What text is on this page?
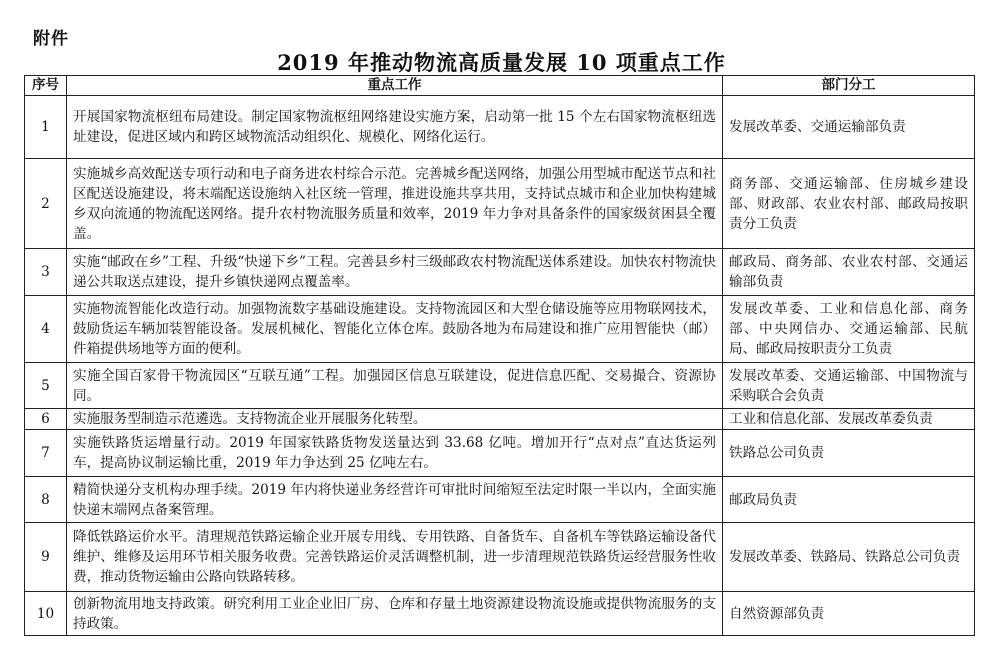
附件
2019 年推动物流高质量发展 10 项重点工作
序号	重点工作	部门分工
1	开展国家物流枢纽布局建设。制定国家物流枢纽网络建设实施方案，启动第一批 15 个左右国家物流枢纽选址建设，促进区域内和跨区域物流活动组织化、规模化、网络化运行。	发展改革委、交通运输部负责
2	实施城乡高效配送专项行动和电子商务进农村综合示范。完善城乡配送网络，加强公用型城市配送节点和社区配送设施建设，将末端配送设施纳入社区统一管理，推进设施共享共用，支持试点城市和企业加快构建城乡双向流通的物流配送网络。提升农村物流服务质量和效率，2019 年力争对具备条件的国家级贫困县全覆盖。	商务部、交通运输部、住房城乡建设部、财政部、农业农村部、邮政局按职责分工负责
3	实施“邮政在乡”工程、升级“快递下乡”工程。完善县乡村三级邮政农村物流配送体系建设。加快农村物流快递公共取送点建设，提升乡镇快递网点覆盖率。	邮政局、商务部、农业农村部、交通运输部负责
4	实施物流智能化改造行动。加强物流数字基础设施建设。支持物流园区和大型仓储设施等应用物联网技术，鼓励货运车辆加装智能设备。发展机械化、智能化立体仓库。鼓励各地为布局建设和推广应用智能快（邮）件箱提供场地等方面的便利。	发展改革委、工业和信息化部、商务部、中央网信办、交通运输部、民航局、邮政局按职责分工负责
5	实施全国百家骨干物流园区“互联互通”工程。加强园区信息互联建设，促进信息匹配、交易撮合、资源协同。	发展改革委、交通运输部、中国物流与采购联合会负责
6	实施服务型制造示范遴选。支持物流企业开展服务化转型。	工业和信息化部、发展改革委负责
7	实施铁路货运增量行动。2019 年国家铁路货物发送量达到 33.68 亿吨。增加开行“点对点”直达货运列车，提高协议制运输比重，2019 年力争达到 25 亿吨左右。	铁路总公司负责
8	精简快递分支机构办理手续。2019 年内将快递业务经营许可审批时间缩短至法定时限一半以内，全面实施快递末端网点备案管理。	邮政局负责
9	降低铁路运价水平。清理规范铁路运输企业开展专用线、专用铁路、自备货车、自备机车等铁路运输设备代维护、维修及运用环节相关服务收费。完善铁路运价灵活调整机制，进一步清理规范铁路货运经营服务性收费，推动货物运输由公路向铁路转移。	发展改革委、铁路局、铁路总公司负责
10	创新物流用地支持政策。研究利用工业企业旧厂房、仓库和存量土地资源建设物流设施或提供物流服务的支持政策。	自然资源部负责
